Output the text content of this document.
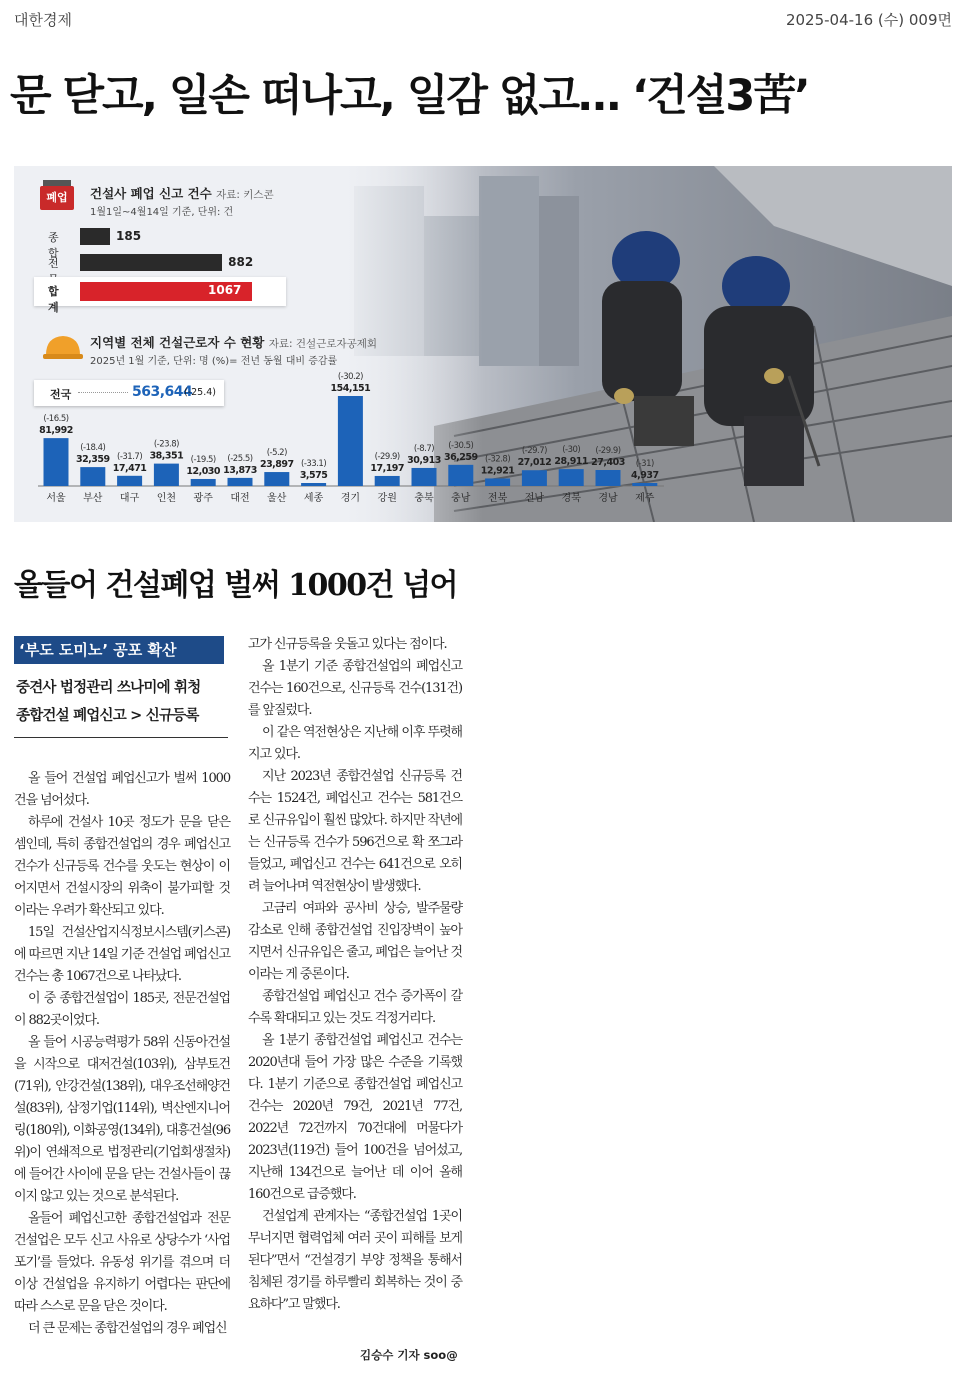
대한경제	2025-04-16 (수) 009면
문 닫고, 일손 떠나고, 일감 없고… ‘건설3苦’
폐업	건설사 폐업 신고 건수 자료: 키스콘
1월1일~4월14일 기준, 단위: 건
종합
185
전	882
합계
1067
지역별 전체 건설근로자 수 현황 자료: 건설근로자공제회
2025년 1월 기준, 단위: 명 (%)= 전년 동월 대비 증감률
전국	563,644
(-25.4)
81,992
(-16.5)
서울
32,359
(-18.4)
부산
17,471
(-31.7)
대구
38,351
(-23.8)
인천
12,030
(-19.5)
광주
13,873
(-25.5)
대전
23,897
(-5.2)
울산
3,575
(-33.1)
세종
154,151
(-30.2)
경기
17,197
(-29.9)
강원
30,913
(-8.7)
충북
36,259
(-30.5)
충남
12,921
(-32.8)
전북
27,012
(-29.7)
전남
28,911
(-30)
경북
27,403
(-29.9)
경남
4,937
(-31)
제주
올들어 건설폐업 벌써 1000건 넘어
‘부도 도미노’ 공포 확산
중견사 법정관리 쓰나미에 휘청
종합건설 폐업신고 > 신규등록

올 들어 건설업 폐업신고가 벌써 1000건을 넘어섰다.

하루에 건설사 10곳 정도가 문을 닫은 셈인데, 특히 종합건설업의 경우 폐업신고 건수가 신규등록 건수를 웃도는 현상이 이어지면서 건설시장의 위축이 불가피할 것이라는 우려가 확산되고 있다.

15일 건설산업지식정보시스템(키스콘)에 따르면 지난 14일 기준 건설업 폐업신고 건수는 총 1067건으로 나타났다.

이 중 종합건설업이 185곳, 전문건설업이 882곳이었다.

올 들어 시공능력평가 58위 신동아건설을 시작으로 대저건설(103위), 삼부토건(71위), 안강건설(138위), 대우조선해양건설(83위), 삼정기업(114위), 벽산엔지니어링(180위), 이화공영(134위), 대흥건설(96위)이 연쇄적으로 법정관리(기업회생절차)에 들어간 사이에 문을 닫는 건설사들이 끊이지 않고 있는 것으로 분석된다.

올들어 폐업신고한 종합건설업과 전문건설업은 모두 신고 사유로 상당수가 ‘사업 포기’를 들었다. 유동성 위기를 겪으며 더 이상 건설업을 유지하기 어렵다는 판단에 따라 스스로 문을 닫은 것이다.

더 큰 문제는 종합건설업의 경우 폐업신

고가 신규등록을 웃돌고 있다는 점이다.

올 1분기 기준 종합건설업의 폐업신고 건수는 160건으로, 신규등록 건수(131건)를 앞질렀다.

이 같은 역전현상은 지난해 이후 뚜렷해지고 있다.

지난 2023년 종합건설업 신규등록 건수는 1524건, 폐업신고 건수는 581건으로 신규유입이 훨씬 많았다. 하지만 작년에는 신규등록 건수가 596건으로 확 쪼그라들었고, 폐업신고 건수는 641건으로 오히려 늘어나며 역전현상이 발생했다.

고금리 여파와 공사비 상승, 발주물량 감소로 인해 종합건설업 진입장벽이 높아지면서 신규유입은 줄고, 폐업은 늘어난 것이라는 게 중론이다.

종합건설업 폐업신고 건수 증가폭이 갈수록 확대되고 있는 것도 걱정거리다.

올 1분기 종합건설업 폐업신고 건수는 2020년대 들어 가장 많은 수준을 기록했다. 1분기 기준으로 종합건설업 폐업신고 건수는 2020년 79건, 2021년 77건, 2022년 72건까지 70건대에 머물다가 2023년(119건) 들어 100건을 넘어섰고, 지난해 134건으로 늘어난 데 이어 올해 160건으로 급증했다.

건설업계 관계자는 “종합건설업 1곳이 무너지면 협력업체 여러 곳이 피해를 보게 된다”면서 “건설경기 부양 정책을 통해서 침체된 경기를 하루빨리 회복하는 것이 중요하다”고 말했다.

김승수 기자 soo@
